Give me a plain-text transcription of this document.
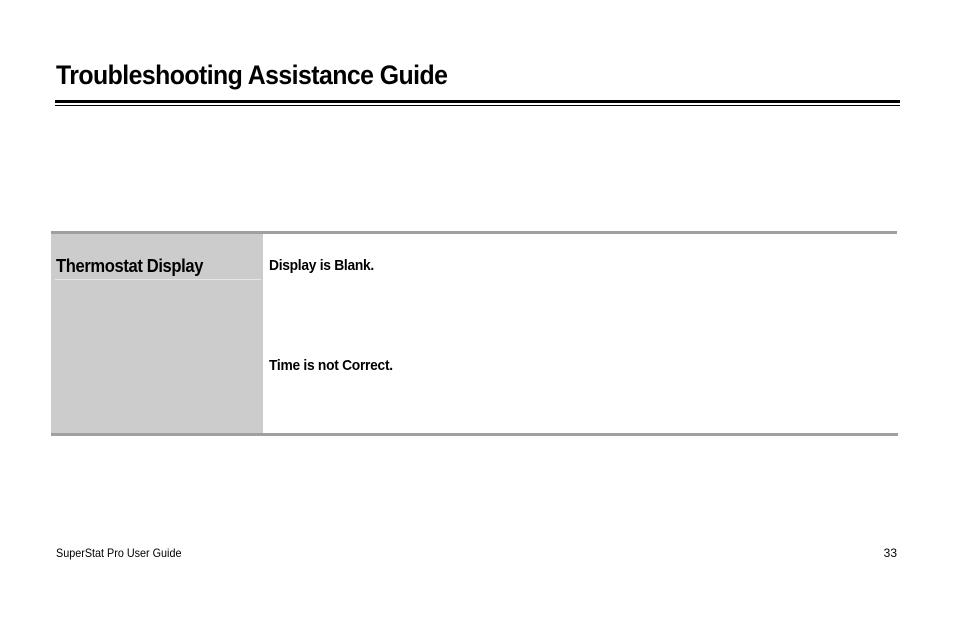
Troubleshooting Assistance Guide
Thermostat Display	Display is Blank.
Time is not Correct.
SuperStat Pro User Guide	33
